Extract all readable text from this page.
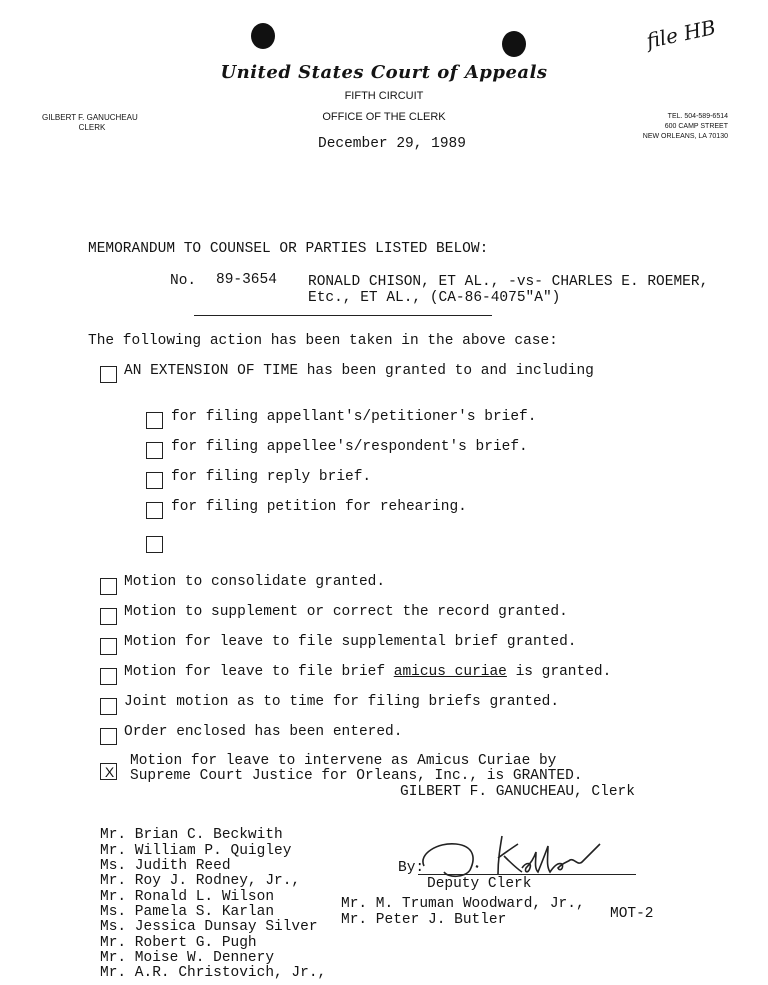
file HB
United States Court of Appeals
FIFTH CIRCUIT
OFFICE OF THE CLERK
GILBERT F. GANUCHEAU
CLERK
TEL. 504-589-6514
600 CAMP STREET
NEW ORLEANS, LA 70130
December 29, 1989
MEMORANDUM TO COUNSEL OR PARTIES LISTED BELOW:
No. 89-3654 RONALD CHISON, ET AL., -vs- CHARLES E. ROEMER,
Etc., ET AL., (CA-86-4075"A")
The following action has been taken in the above case:
AN EXTENSION OF TIME has been granted to and including
for filing appellant's/petitioner's brief.
for filing appellee's/respondent's brief.
for filing reply brief.
for filing petition for rehearing.
Motion to consolidate granted.
Motion to supplement or correct the record granted.
Motion for leave to file supplemental brief granted.
Motion for leave to file brief amicus curiae is granted.
Joint motion as to time for filing briefs granted.
Order enclosed has been entered.
X
Motion for leave to intervene as Amicus Curiae by
Supreme Court Justice for Orleans, Inc., is GRANTED.
GILBERT F. GANUCHEAU, Clerk
By:
J. Keller
Deputy Clerk
Mr. Brian C. Beckwith
Mr. William P. Quigley
Ms. Judith Reed
Mr. Roy J. Rodney, Jr.,
Mr. Ronald L. Wilson
Ms. Pamela S. Karlan
Ms. Jessica Dunsay Silver
Mr. Robert G. Pugh
Mr. Moise W. Dennery
Mr. A.R. Christovich, Jr.,
Mr. M. Truman Woodward, Jr.,
Mr. Peter J. Butler	MOT-2
